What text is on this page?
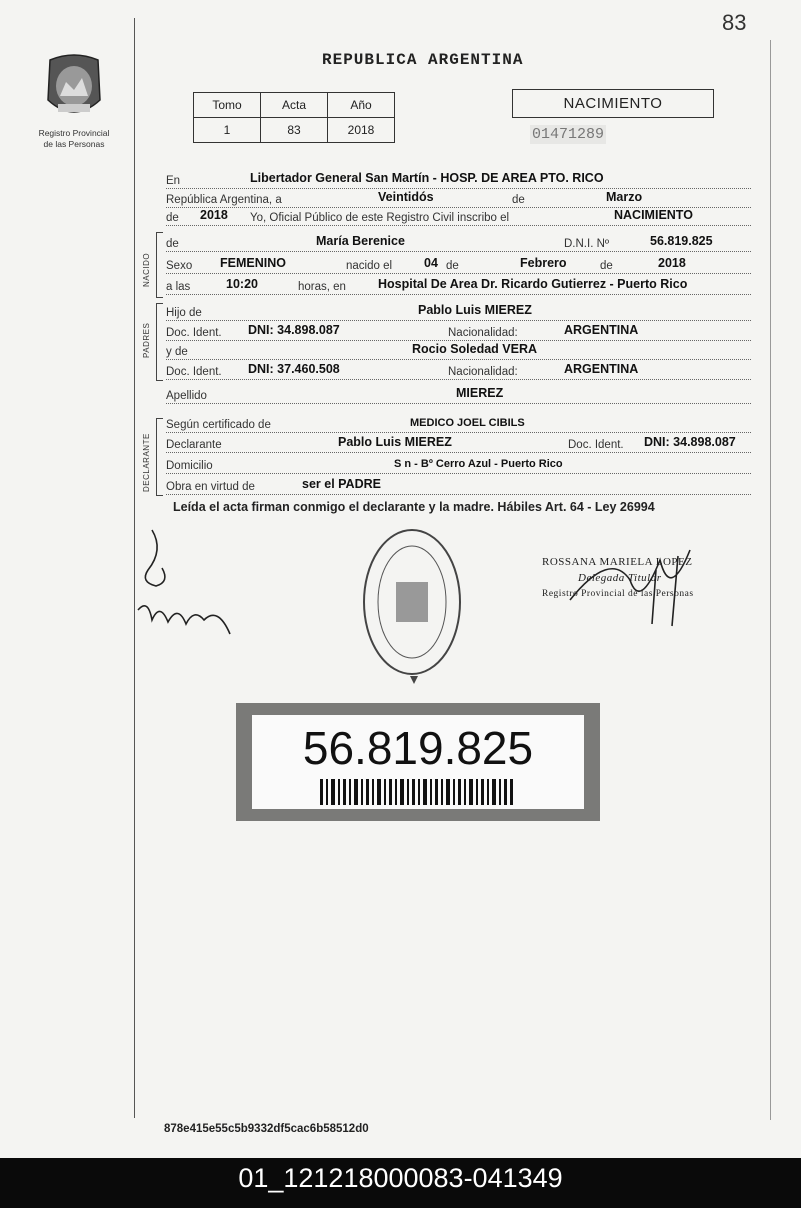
83
Registro Provincial
de las Personas
REPUBLICA ARGENTINA
Tomo	Acta	Año
1	83	2018
NACIMIENTO
01471289
En	Libertador General San Martín - HOSP. DE AREA PTO. RICO
República Argentina, a	Veintidós	de	Marzo
de 2018 Yo, Oficial Público de este Registro Civil inscribo el	NACIMIENTO
NACIDO
de	María Berenice	D.N.I. Nº	56.819.825
Sexo FEMENINO	nacido el	04 de	Febrero	de	2018
a las	10:20	horas, en	Hospital De Area Dr. Ricardo Gutierrez - Puerto Rico
PADRES
Hijo de	Pablo Luis MIEREZ
Doc. Ident. DNI: 34.898.087	Nacionalidad:	ARGENTINA
y de	Rocio Soledad VERA
Doc. Ident. DNI: 37.460.508	Nacionalidad:	ARGENTINA
Apellido	MIEREZ
DECLARANTE
Según certificado de	MEDICO JOEL CIBILS
Declarante	Pablo Luis MIEREZ	Doc. Ident. DNI: 34.898.087
Domicilio	S n - Bº Cerro Azul - Puerto Rico
Obra en virtud de	ser el PADRE
Leída el acta firman conmigo el declarante y la madre. Hábiles Art. 64 - Ley 26994
ROSSANA MARIELA LOPEZ
Delegada Titular
Registro Provincial de las Personas
56.819.825
878e415e55c5b9332df5cac6b58512d0
01_121218000083-041349
